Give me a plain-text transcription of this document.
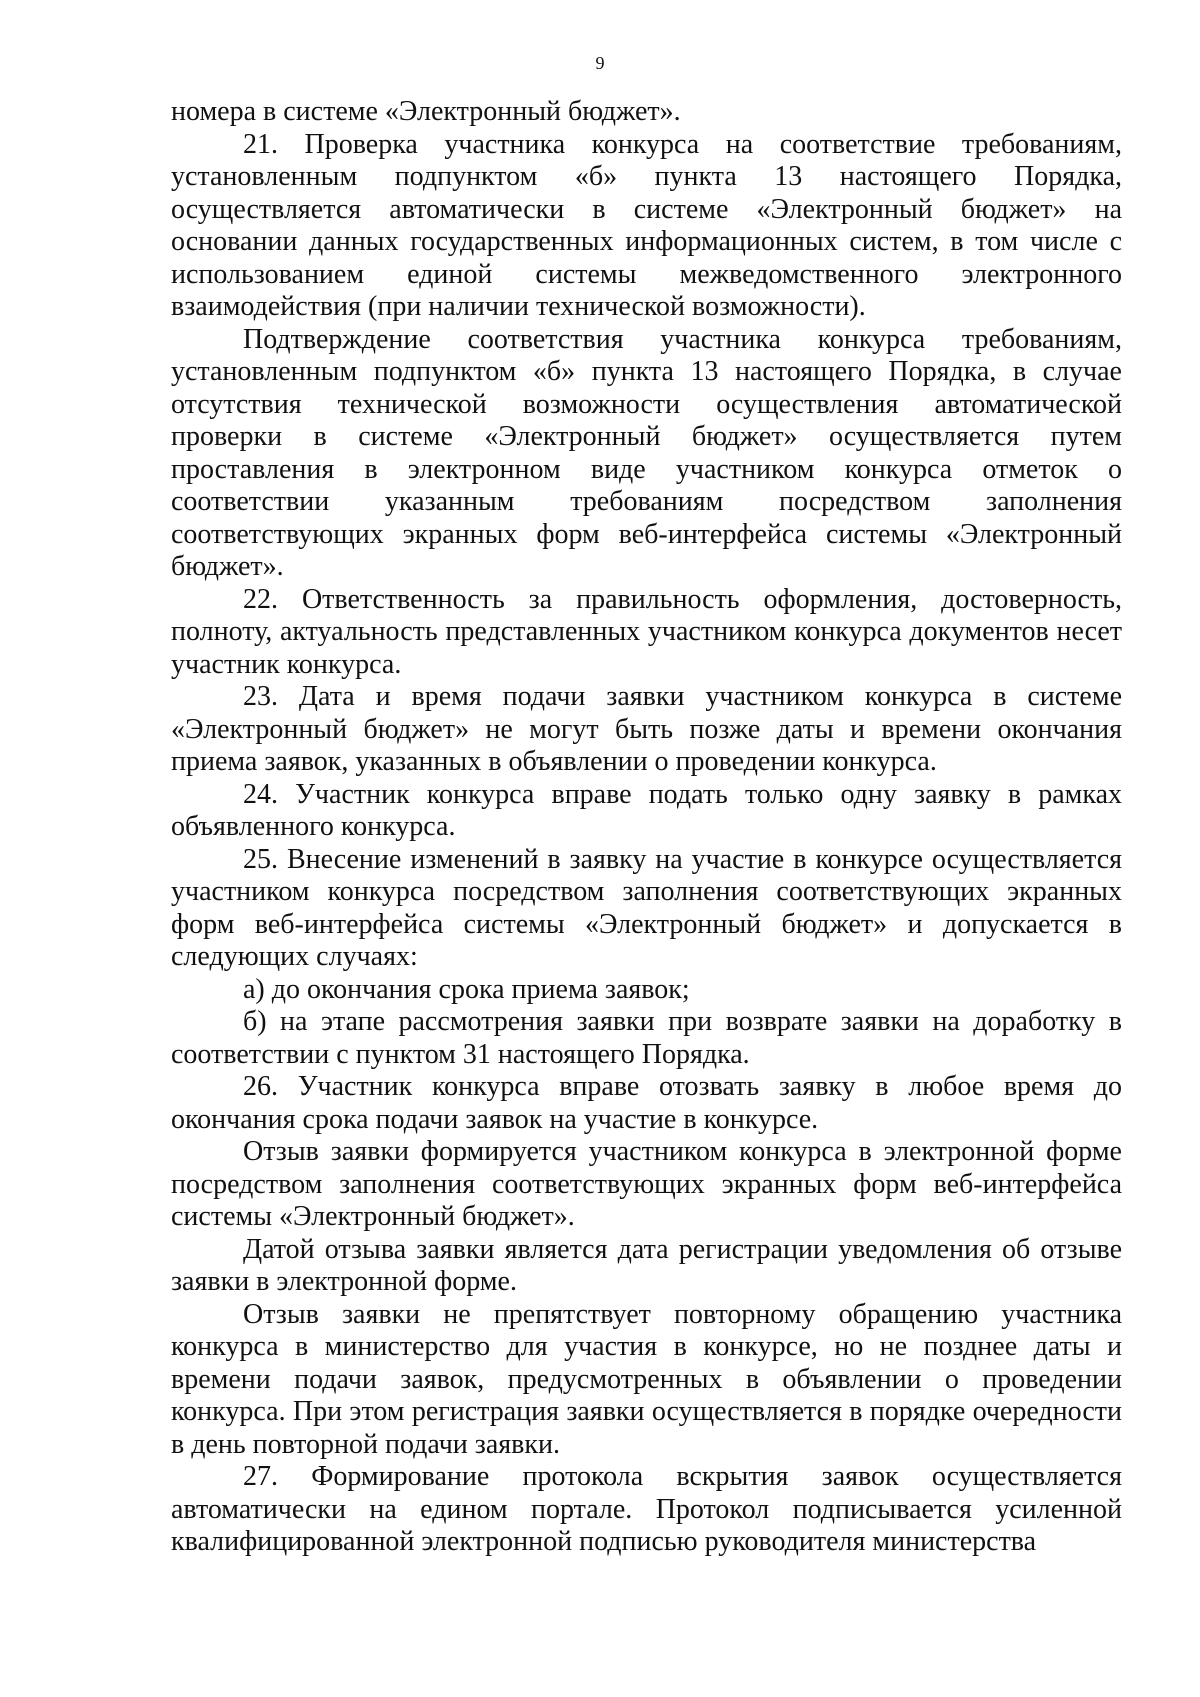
9

номера в системе «Электронный бюджет».

21. Проверка участника конкурса на соответствие требованиям, установленным подпунктом «б» пункта 13 настоящего Порядка, осуществляется автоматически в системе «Электронный бюджет» на основании данных государственных информационных систем, в том числе с использованием единой системы межведомственного электронного взаимодействия (при наличии технической возможности).

Подтверждение соответствия участника конкурса требованиям, установленным подпунктом «б» пункта 13 настоящего Порядка, в случае отсутствия технической возможности осуществления автоматической проверки в системе «Электронный бюджет» осуществляется путем проставления в электронном виде участником конкурса отметок о соответствии указанным требованиям посредством заполнения соответствующих экранных форм веб-интерфейса системы «Электронный бюджет».

22. Ответственность за правильность оформления, достоверность, полноту, актуальность представленных участником конкурса документов несет участник конкурса.

23. Дата и время подачи заявки участником конкурса в системе «Электронный бюджет» не могут быть позже даты и времени окончания приема заявок, указанных в объявлении о проведении конкурса.

24. Участник конкурса вправе подать только одну заявку в рамках объявленного конкурса.

25. Внесение изменений в заявку на участие в конкурсе осуществляется участником конкурса посредством заполнения соответствующих экранных форм веб-интерфейса системы «Электронный бюджет» и допускается в следующих случаях:

а) до окончания срока приема заявок;

б) на этапе рассмотрения заявки при возврате заявки на доработку в соответствии с пунктом 31 настоящего Порядка.

26. Участник конкурса вправе отозвать заявку в любое время до окончания срока подачи заявок на участие в конкурсе.

Отзыв заявки формируется участником конкурса в электронной форме посредством заполнения соответствующих экранных форм веб-интерфейса системы «Электронный бюджет».

Датой отзыва заявки является дата регистрации уведомления об отзыве заявки в электронной форме.

Отзыв заявки не препятствует повторному обращению участника конкурса в министерство для участия в конкурсе, но не позднее даты и времени подачи заявок, предусмотренных в объявлении о проведении конкурса. При этом регистрация заявки осуществляется в порядке очередности в день повторной подачи заявки.

27. Формирование протокола вскрытия заявок осуществляется автоматически на едином портале. Протокол подписывается усиленной квалифицированной электронной подписью руководителя министерства
